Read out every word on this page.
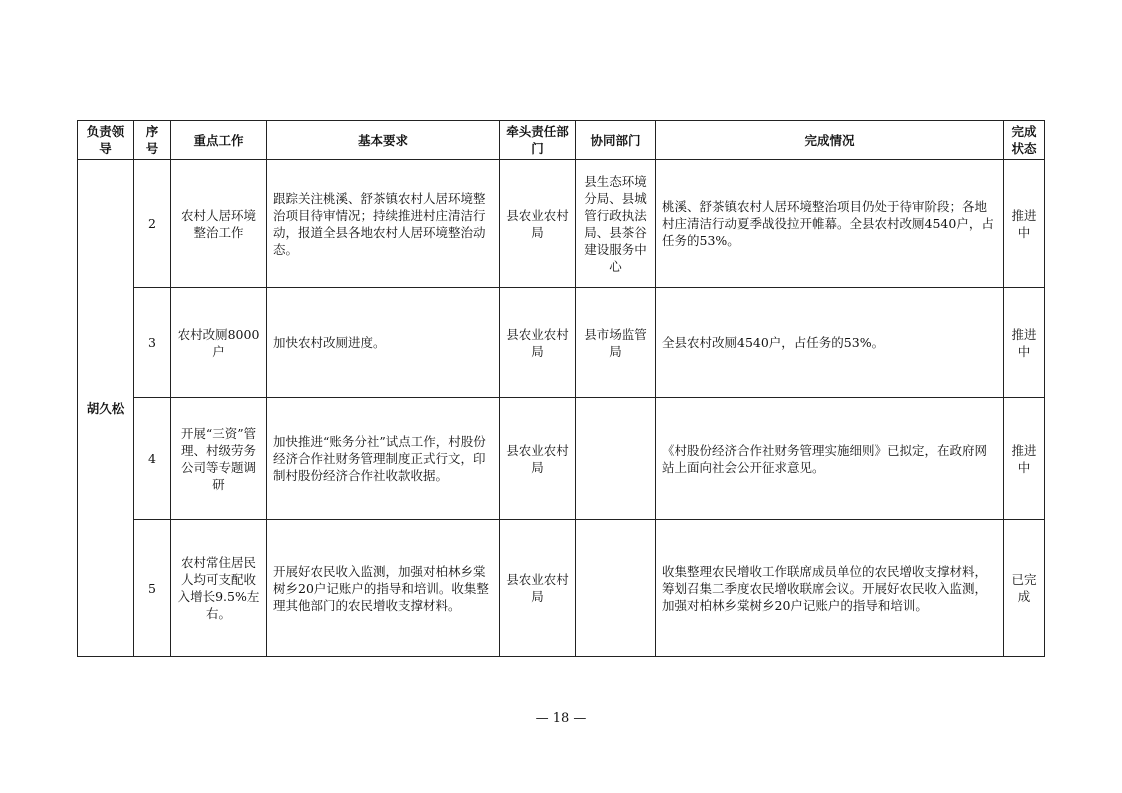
负责领导	序号	重点工作	基本要求	牵头责任部门	协同部门	完成情况	完成状态
胡久松	2	农村人居环境整治工作	跟踪关注桃溪、舒茶镇农村人居环境整治项目待审情况；持续推进村庄清洁行动，报道全县各地农村人居环境整治动态。	县农业农村局	县生态环境分局、县城管行政执法局、县茶谷建设服务中心	桃溪、舒茶镇农村人居环境整治项目仍处于待审阶段；各地村庄清洁行动夏季战役拉开帷幕。全县农村改厕4540户，占任务的53%。	推进中
	3	农村改厕8000户	加快农村改厕进度。	县农业农村局	县市场监管局	全县农村改厕4540户，占任务的53%。	推进中
	4	开展“三资”管理、村级劳务公司等专题调研	加快推进“账务分社”试点工作，村股份经济合作社财务管理制度正式行文，印制村股份经济合作社收款收据。	县农业农村局		《村股份经济合作社财务管理实施细则》已拟定，在政府网站上面向社会公开征求意见。	推进中
	5	农村常住居民人均可支配收入增长9.5%左右。	开展好农民收入监测，加强对柏林乡棠树乡20户记账户的指导和培训。收集整理其他部门的农民增收支撑材料。	县农业农村局		收集整理农民增收工作联席成员单位的农民增收支撑材料，筹划召集二季度农民增收联席会议。开展好农民收入监测，加强对柏林乡棠树乡20户记账户的指导和培训。	已完成
— 18 —
